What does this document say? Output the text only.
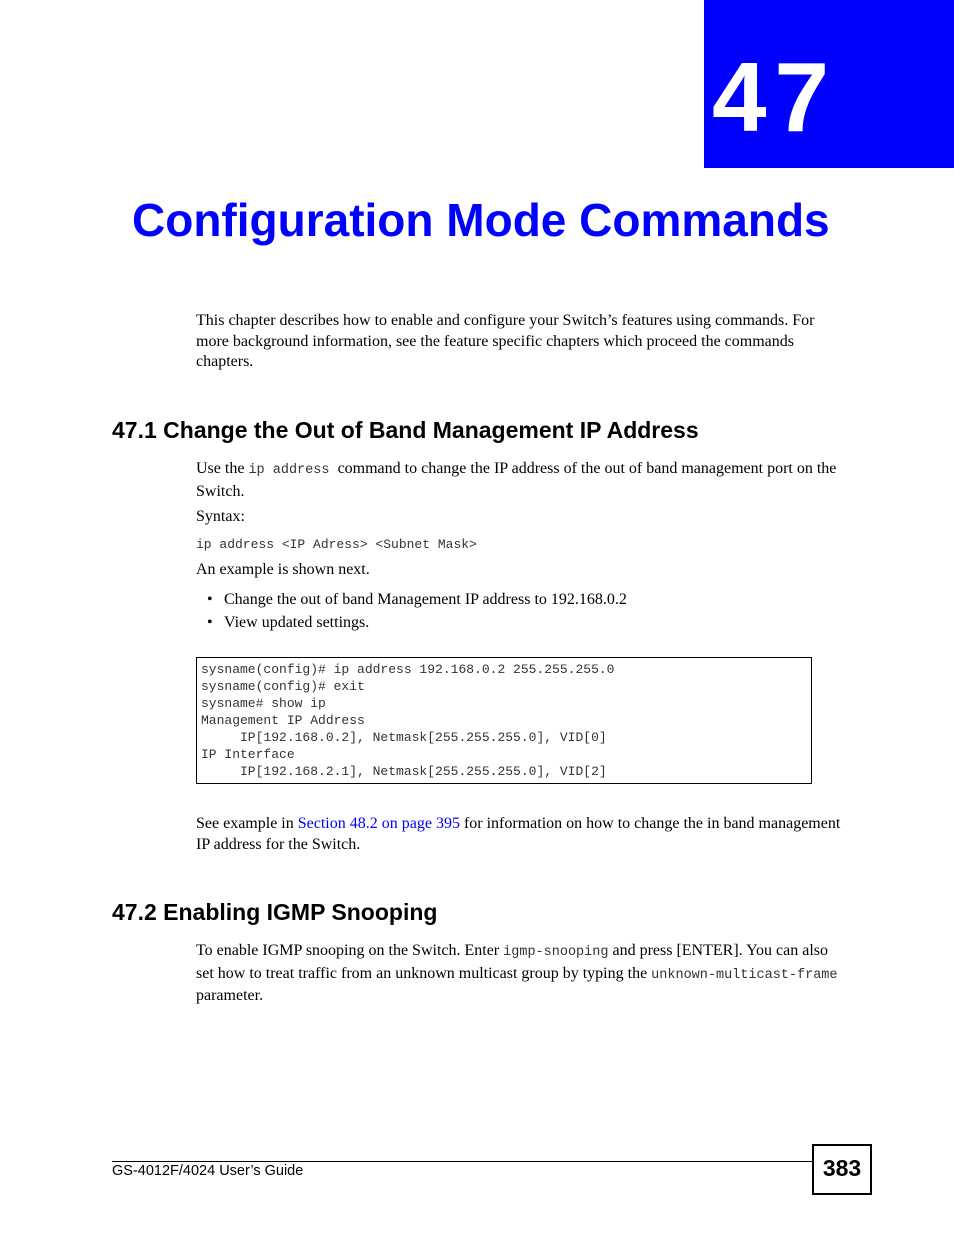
47
Configuration Mode Commands

This chapter describes how to enable and configure your Switch’s features using commands. For more background information, see the feature specific chapters which proceed the commands chapters.

47.1 Change the Out of Band Management IP Address

Use the ip address command to change the IP address of the out of band management port on the Switch.

Syntax:

ip address <IP Adress> <Subnet Mask>

An example is shown next.

• Change the out of band Management IP address to 192.168.0.2
• View updated settings.
sysname(config)# ip address 192.168.0.2 255.255.255.0
sysname(config)# exit
sysname# show ip
Management IP Address
IP[192.168.0.2], Netmask[255.255.255.0], VID[0]
IP Interface
IP[192.168.2.1], Netmask[255.255.255.0], VID[2]

See example in Section 48.2 on page 395 for information on how to change the in band management IP address for the Switch.

47.2 Enabling IGMP Snooping

To enable IGMP snooping on the Switch. Enter igmp-snooping and press [ENTER]. You can also set how to treat traffic from an unknown multicast group by typing the unknown-multicast-frame parameter.

GS-4012F/4024 User’s Guide	383
